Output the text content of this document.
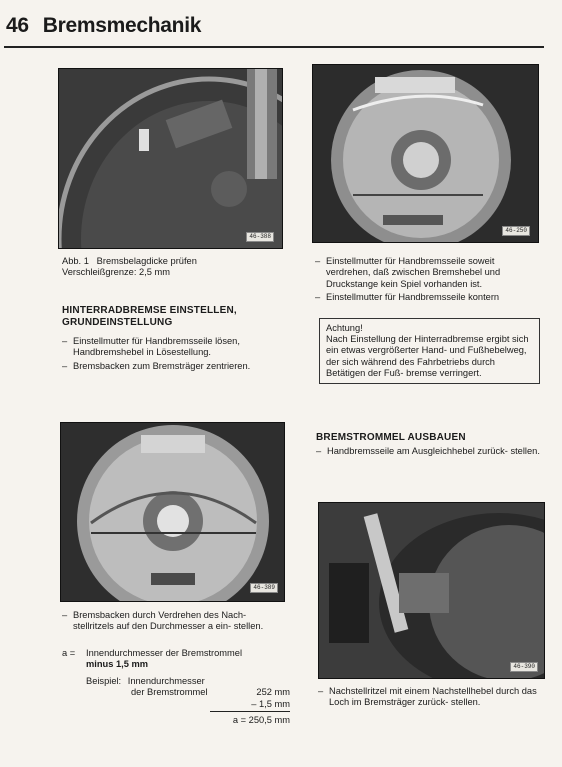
46 Bremsmechanik
46-388
46-250
Abb. 1 Bremsbelagdicke prüfen
Verschleißgrenze: 2,5 mm
HINTERRADBREMSE EINSTELLEN,
GRUNDEINSTELLUNG
– Einstellmutter für Handbremsseile lösen, Handbremshebel in Lösestellung.
– Bremsbacken zum Bremsträger zentrieren.
– Einstellmutter für Handbremsseile soweit verdrehen, daß zwischen Bremshebel und Druckstange kein Spiel vorhanden ist.
– Einstellmutter für Handbremsseile kontern
Achtung!
Nach Einstellung der Hinterradbremse ergibt sich ein etwas vergrößerter Hand- und Fußhebelweg, der sich während des Fahrbetriebs durch Betätigen der Fuß- bremse verringert.
46-389
BREMSTROMMEL AUSBAUEN
– Handbremsseile am Ausgleichhebel zurück- stellen.
46-390
– Bremsbacken durch Verdrehen des Nach- stellritzels auf den Durchmesser a ein- stellen.
a = Innendurchmesser der Bremstrommel
minus 1,5 mm
Beispiel: Innendurchmesser
der Bremstrommel	252 mm
– 1,5 mm
a = 250,5 mm
– Nachstellritzel mit einem Nachstellhebel durch das Loch im Bremsträger zurück- stellen.
